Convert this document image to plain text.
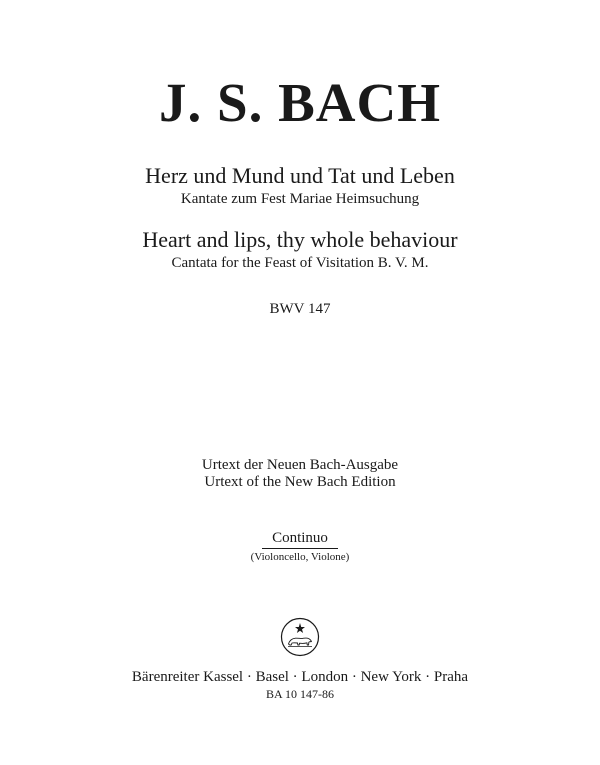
J. S. BACH
Herz und Mund und Tat und Leben
Kantate zum Fest Mariae Heimsuchung
Heart and lips, thy whole behaviour
Cantata for the Feast of Visitation B. V. M.
BWV 147
Urtext der Neuen Bach-Ausgabe
Urtext of the New Bach Edition
Continuo
(Violoncello, Violone)
Bärenreiter Kassel · Basel · London · New York · Praha
BA 10 147-86
